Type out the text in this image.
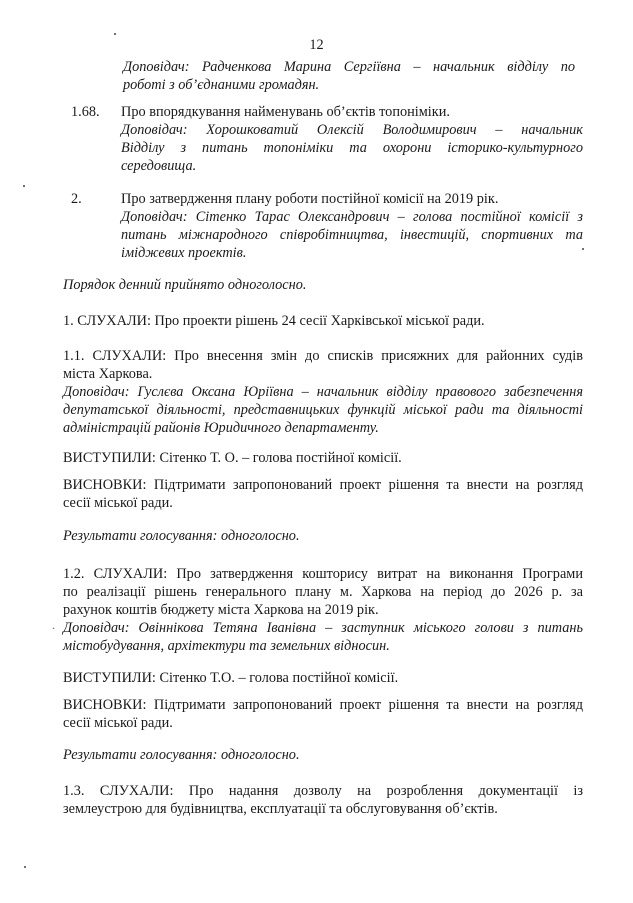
12
Доповідач: Радченкова Марина Сергіївна – начальник відділу по
роботі з об’єднаними громадян.
1.68. Про впорядкування найменувань об’єктів топоніміки.
Доповідач: Хорошковатий Олексій Володимирович – начальник
Відділу з питань топоніміки та охорони історико-культурного
середовища.
2.	Про затвердження плану роботи постійної комісії на 2019 рік.
Доповідач: Сітенко Тарас Олександрович – голова постійної комісії з
питань міжнародного співробітництва, інвестицій, спортивних та
іміджевих проектів.
Порядок денний прийнято одноголосно.
1. СЛУХАЛИ: Про проекти рішень 24 сесії Харківської міської ради.
1.1. СЛУХАЛИ: Про внесення змін до списків присяжних для районних судів
міста Харкова.
Доповідач: Гуслєва Оксана Юріївна – начальник відділу правового забезпечення
депутатської діяльності, представницьких функцій міської ради та діяльності
адміністрацій районів Юридичного департаменту.
ВИСТУПИЛИ: Сітенко Т. О. – голова постійної комісії.
ВИСНОВКИ: Підтримати запропонований проект рішення та внести на розгляд
сесії міської ради.
Результати голосування: одноголосно.
1.2. СЛУХАЛИ: Про затвердження кошторису витрат на виконання Програми
по реалізації рішень генерального плану м. Харкова на період до 2026 р. за
рахунок коштів бюджету міста Харкова на 2019 рік.
Доповідач: Овіннікова Тетяна Іванівна – заступник міського голови з питань
містобудування, архітектури та земельних відносин.
.
ВИСТУПИЛИ: Сітенко Т.О. – голова постійної комісії.
ВИСНОВКИ: Підтримати запропонований проект рішення та внести на розгляд
сесії міської ради.
Результати голосування: одноголосно.
1.3. СЛУХАЛИ: Про надання дозволу на розроблення документації із
землеустрою для будівництва, експлуатації та обслуговування об’єктів.
